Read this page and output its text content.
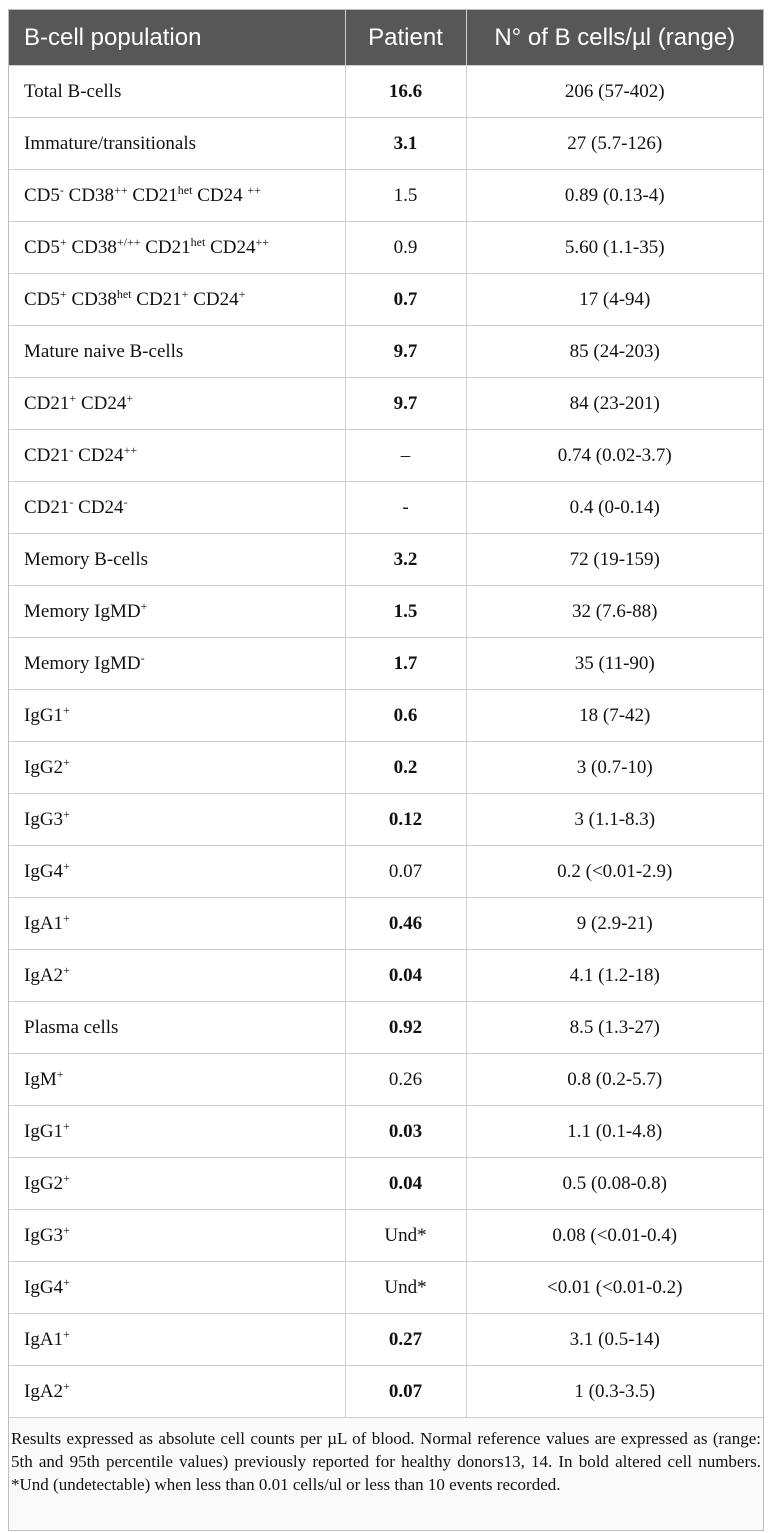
B-cell population	Patient	N° of B cells/µl (range)
Total B-cells	16.6	206 (57-402)
Immature/transitionals	3.1	27 (5.7-126)
CD5- CD38++ $CD21^{het}$ CD24 ++	1.5	0.89 (0.13-4)
CD5+ CD38+/++ $CD21^{het}$ CD24++	0.9	5.60 (1.1-35)
CD5+ $CD38^{het}$ CD21+ CD24+	0.7	17 (4-94)
Mature naive B-cells	9.7	85 (24-203)
CD21+ CD24+	9.7	84 (23-201)
CD21- CD24++	–	0.74 (0.02-3.7)
CD21- CD24-	-	0.4 (0-0.14)
Memory B-cells	3.2	72 (19-159)
Memory IgMD+	1.5	32 (7.6-88)
Memory IgMD-	1.7	35 (11-90)
IgG1+	0.6	18 (7-42)
IgG2+	0.2	3 (0.7-10)
IgG3+	0.12	3 (1.1-8.3)
IgG4+	0.07	0.2 (<0.01-2.9)
IgA1+	0.46	9 (2.9-21)
IgA2+	0.04	4.1 (1.2-18)
Plasma cells	0.92	8.5 (1.3-27)
IgM+	0.26	0.8 (0.2-5.7)
IgG1+	0.03	1.1 (0.1-4.8)
IgG2+	0.04	0.5 (0.08-0.8)
IgG3+	Und*	0.08 (<0.01-0.4)
IgG4+	Und*	<0.01 (<0.01-0.2)
IgA1+	0.27	3.1 (0.5-14)
IgA2+	0.07	1 (0.3-3.5)
Results expressed as absolute cell counts per µL of blood. Normal reference values are expressed as (range: 5th and 95th percentile values) previously reported for healthy donors13, 14. In bold altered cell numbers. *Und (undetectable) when less than 0.01 cells/ul or less than 10 events recorded.
